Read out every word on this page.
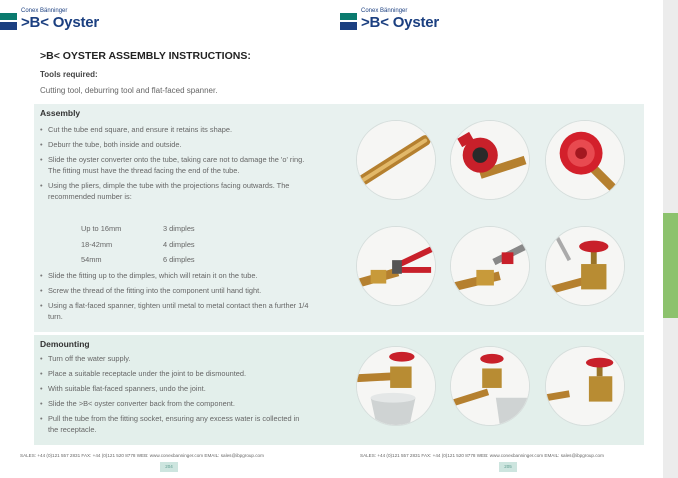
Conex Bänninger
>B< Oyster
Conex Bänninger
>B< Oyster
>B< OYSTER ASSEMBLY INSTRUCTIONS:
Tools required:
Cutting tool, deburring tool and flat-faced spanner.
Assembly
• Cut the tube end square, and ensure it retains its shape.
• Deburr the tube, both inside and outside.
• Slide the oyster converter onto the tube, taking care not to damage the 'o' ring. The fitting must have the thread facing the end of the tube.
• Using the pliers, dimple the tube with the projections facing outwards. The recommended number is:
Up to 16mm	3 dimples
18-42mm	4 dimples
54mm	6 dimples
• Slide the fitting up to the dimples, which will retain it on the tube.
• Screw the thread of the fitting into the component until hand tight.
• Using a flat-faced spanner, tighten until metal to metal contact then a further 1/4 turn.
Demounting
• Turn off the water supply.
• Place a suitable receptacle under the joint to be dismounted.
• With suitable flat-faced spanners, undo the joint.
• Slide the >B< oyster converter back from the component.
• Pull the tube from the fitting socket, ensuring any excess water is collected in the receptacle.
SALES: +44 (0)121 557 2831 FAX: +44 (0)121 520 8778 WEB: www.conexbanninger.com EMAIL: sales@ibpgroup.com	SALES: +44 (0)121 557 2831 FAX: +44 (0)121 520 8778 WEB: www.conexbanninger.com EMAIL: sales@ibpgroup.com
204	205
